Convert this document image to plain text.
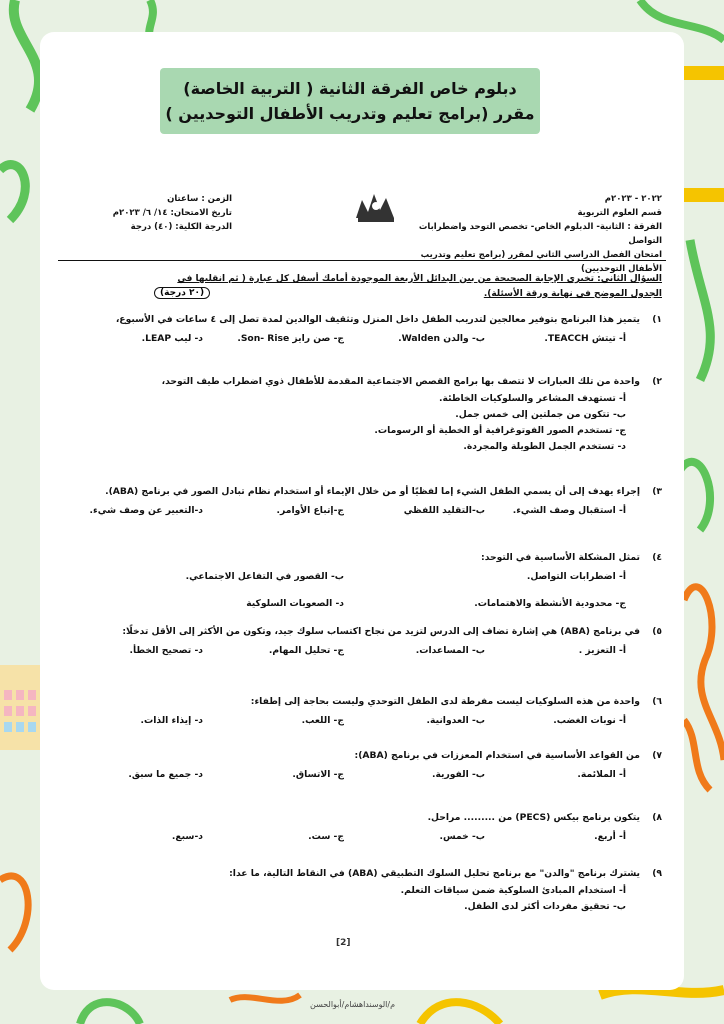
دبلوم خاص الفرقة الثانية ( التربية الخاصة)
مقرر (برامج تعليم وتدريب الأطفال التوحديين )
٢٠٢٢ - ٢٠٢٣م
قسم العلوم التربوية
الفرقة : الثانية- الدبلوم الخاص- تخصص التوحد واضطرابات التواصل
امتحان الفصل الدراسي الثاني لمقرر (برامج تعليم وتدريب الأطفال التوحديين)
الزمن : ساعتان
تاريخ الامتحان: ١٤/ ٦/ ٢٠٢٣م
الدرجة الكلية: (٤٠) درجة
السؤال الثاني: تخيري الإجابة الصحيحة من بين البدائل الأربعة الموجودة أمامك أسفل كل عبارة ( ثم انقليها في
الجدول الموضح في نهاية ورقة الأسئلة).
(٢٠ درجة)
١)
يتميز هذا البرنامج بتوفير معالجين لتدريب الطفل داخل المنزل وتثقيف الوالدين لمدة تصل إلى ٤ ساعات في الأسبوع،
أ- تيتش TEACCH.
ب- والدن Walden.
ج- صن رايز Son- Rise.
د- ليب LEAP.
٢)
واحدة من تلك العبارات لا تتصف بها برامج القصص الاجتماعية المقدمة للأطفال ذوي اضطراب طيف التوحد،
أ- تستهدف المشاعر والسلوكيات الخاطئة.
ب- تتكون من جملتين إلى خمس جمل.
ج- تستخدم الصور الفوتوغرافية أو الخطية أو الرسومات.
د- تستخدم الجمل الطويلة والمجردة.
٣)
إجراء يهدف إلى أن يسمي الطفل الشيء إما لفظيًا أو من خلال الإيماء أو استخدام نظام تبادل الصور في برنامج (ABA).
أ- استقبال وصف الشيء.
ب-التقليد اللفظي
ج-إتباع الأوامر.
د-التعبير عن وصف شيء.
٤)
تمثل المشكلة الأساسية في التوحد:
أ- اضطرابات التواصل.
ب- القصور في التفاعل الاجتماعي.
ج- محدودية الأنشطة والاهتمامات.
د- الصعوبات السلوكية
٥)
في برنامج (ABA) هي إشارة تضاف إلى الدرس لتزيد من نجاح اكتساب سلوك جيد، وتكون من الأكثر إلى الأقل تدخلًا:
أ- التعزيز .
ب- المساعدات.
ج- تحليل المهام.
د- تصحيح الخطأ.
٦)
واحدة من هذه السلوكيات ليست مفرطة لدى الطفل التوحدي وليست بحاجة إلى إطفاء:
أ- نوبات الغضب.
ب- العدوانية.
ج- اللعب.
د- إيذاء الذات.
٧)
من القواعد الأساسية في استخدام المعززات في برنامج (ABA):
أ- الملائمة.
ب- الفورية.
ج- الاتساق.
د- جميع ما سبق.
٨)
يتكون برنامج بيكس (PECS) من ......... مراحل.
أ- أربع.
ب- خمس.
ج- ست.
د-سبع.
٩)
يشترك برنامج "والدن" مع برنامج تحليل السلوك التطبيقي (ABA) في النقاط التالية، ما عدا:
أ- استخدام المبادئ السلوكية ضمن سياقات التعلم.
ب- تحقيق مفردات أكثر لدى الطفل.
[2]
م/الوسنداهشام/أبوالحسن
